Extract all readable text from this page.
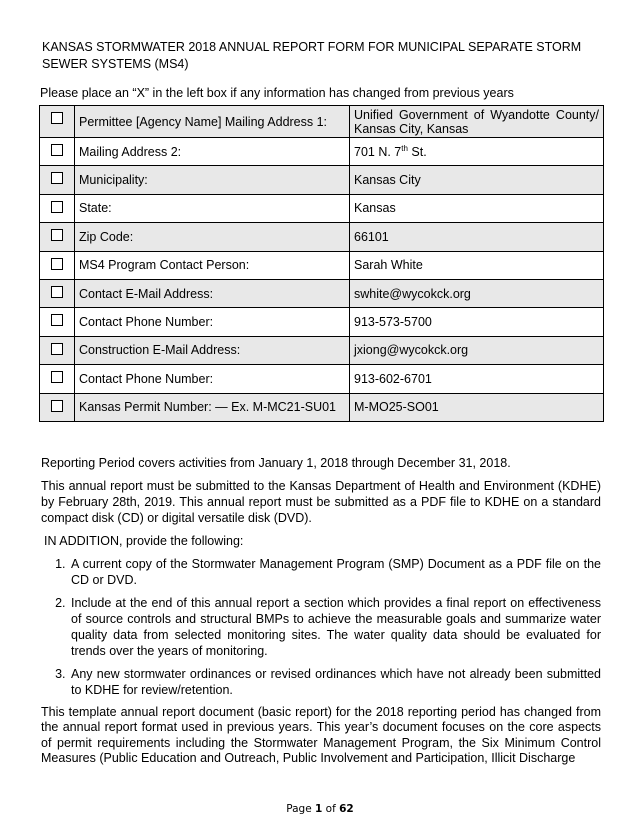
KANSAS STORMWATER 2018 ANNUAL REPORT FORM FOR MUNICIPAL SEPARATE STORM SEWER SYSTEMS (MS4)
Please place an “X” in the left box if any information has changed from previous years
	Permittee [Agency Name] Mailing Address 1:	Unified Government of Wyandotte County/ Kansas City, Kansas
	Mailing Address 2:	701 N. 7th St.
	Municipality:	Kansas City
	State:	Kansas
	Zip Code:	66101
	MS4 Program Contact Person:	Sarah White
	Contact E-Mail Address:	swhite@wycokck.org
	Contact Phone Number:	913-573-5700
	Construction E-Mail Address:	jxiong@wycokck.org
	Contact Phone Number:	913-602-6701
	Kansas Permit Number: — Ex. M-MC21-SU01	M-MO25-SO01

Reporting Period covers activities from January 1, 2018 through December 31, 2018.

This annual report must be submitted to the Kansas Department of Health and Environment (KDHE) by February 28th, 2019. This annual report must be submitted as a PDF file to KDHE on a standard compact disk (CD) or digital versatile disk (DVD).

IN ADDITION, provide the following:

1. A current copy of the Stormwater Management Program (SMP) Document as a PDF file on the CD or DVD.
2. Include at the end of this annual report a section which provides a final report on effectiveness of source controls and structural BMPs to achieve the measurable goals and summarize water quality data from selected monitoring sites. The water quality data should be evaluated for trends over the years of monitoring.
3. Any new stormwater ordinances or revised ordinances which have not already been submitted to KDHE for review/retention.

This template annual report document (basic report) for the 2018 reporting period has changed from the annual report format used in previous years. This year’s document focuses on the core aspects of permit requirements including the Stormwater Management Program, the Six Minimum Control Measures (Public Education and Outreach, Public Involvement and Participation, Illicit Discharge

Page 1 of 62
